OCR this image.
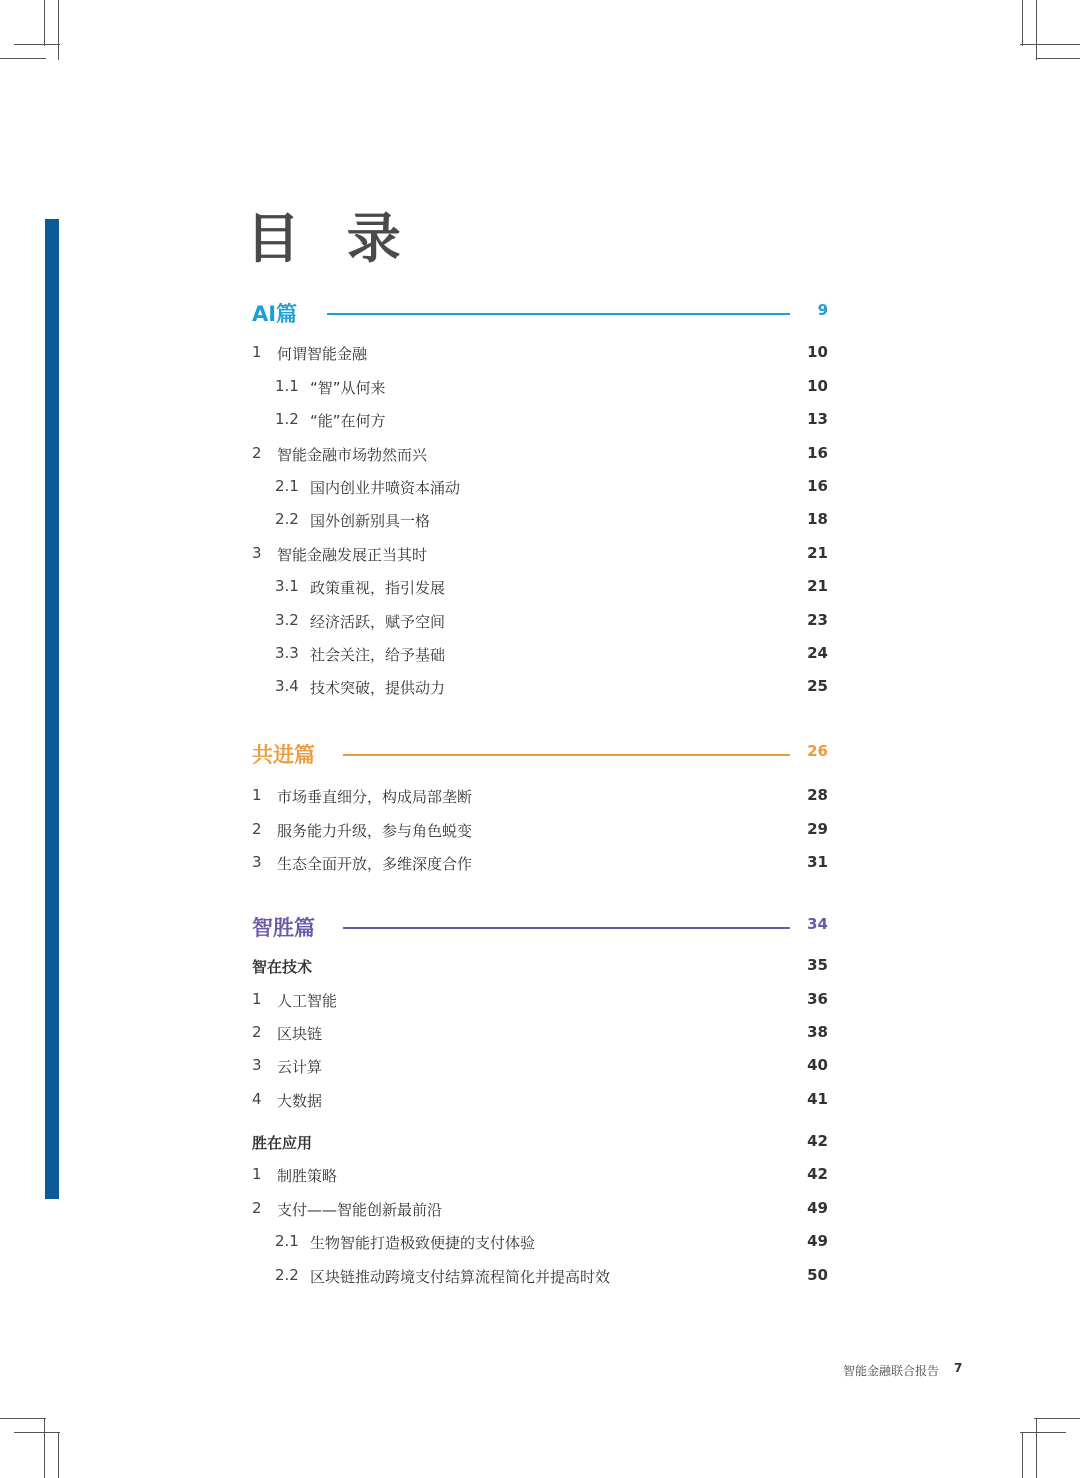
目 录
AI篇	9
1 何谓智能金融	10
1.1 “智”从何来	10
1.2 “能”在何方	13
2 智能金融市场勃然而兴	16
2.1 国内创业井喷资本涌动	16
2.2 国外创新别具一格	18
3 智能金融发展正当其时	21
3.1 政策重视，指引发展	21
3.2 经济活跃，赋予空间	23
3.3 社会关注，给予基础	24
3.4 技术突破，提供动力	25
共进篇	26
1 市场垂直细分，构成局部垄断	28
2 服务能力升级，参与角色蜕变	29
3 生态全面开放，多维深度合作	31
智胜篇	34
智在技术	35
1 人工智能	36
2 区块链	38
3 云计算	40
4 大数据	41
胜在应用	42
1 制胜策略	42
2 支付——智能创新最前沿	49
2.1 生物智能打造极致便捷的支付体验	49
2.2 区块链推动跨境支付结算流程简化并提高时效	50
智能金融联合报告 7
